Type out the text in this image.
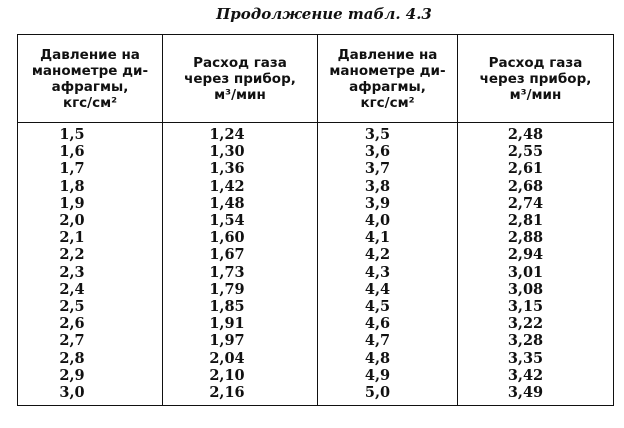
Продолжение табл. 4.3
Давление на
манометре ди-
афрагмы,
кгс/см²	Расход газа
через прибор,
м³/мин	Давление на
манометре ди-
афрагмы,
кгс/см²	Расход газа
через прибор,
м³/мин
1,5	1,24	3,5	2,48
1,6	1,30	3,6	2,55
1,7	1,36	3,7	2,61
1,8	1,42	3,8	2,68
1,9	1,48	3,9	2,74
2,0	1,54	4,0	2,81
2,1	1,60	4,1	2,88
2,2	1,67	4,2	2,94
2,3	1,73	4,3	3,01
2,4	1,79	4,4	3,08
2,5	1,85	4,5	3,15
2,6	1,91	4,6	3,22
2,7	1,97	4,7	3,28
2,8	2,04	4,8	3,35
2,9	2,10	4,9	3,42
3,0	2,16	5,0	3,49
